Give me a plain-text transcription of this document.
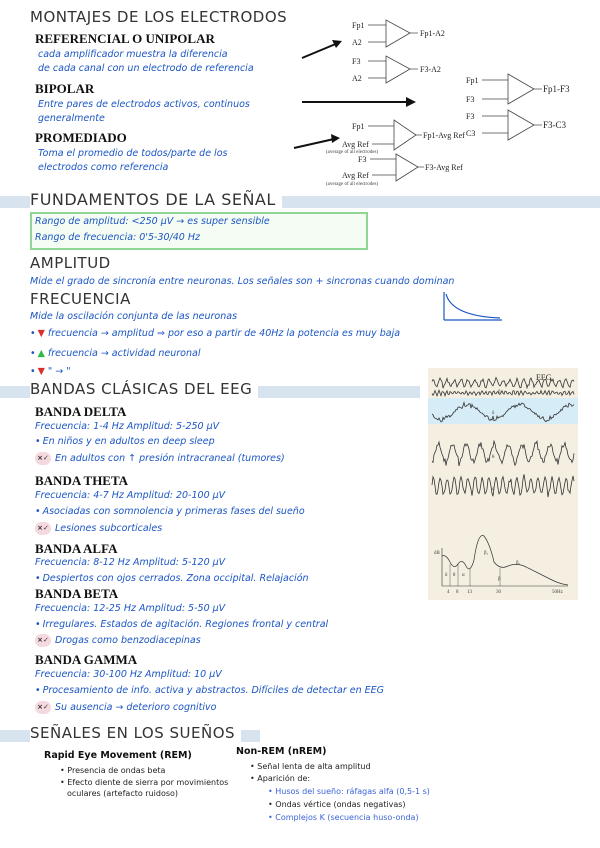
MONTAJES DE LOS ELECTRODOS
REFERENCIAL O UNIPOLAR
cada amplificador muestra la diferencia
de cada canal con un electrodo de referencia
BIPOLAR
Entre pares de electrodos activos, continuos
generalmente
PROMEDIADO
Toma el promedio de todos/parte de los
electrodos como referencia
Fp1
A2
Fp1-A2
F3
A2
F3-A2
Fp1
F3
Fp1-F3
F3
C3
F3-C3
Fp1
Avg Ref
(average of all electrodes)
Fp1-Avg Ref
F3
Avg Ref
(average of all electrodes)
F3-Avg Ref
FUNDAMENTOS DE LA SEÑAL
Rango de amplitud: <250 µV → es super sensible
Rango de frecuencia: 0'5-30/40 Hz
AMPLITUD
Mide el grado de sincronía entre neuronas. Los señales son + sincronas cuando dominan
FRECUENCIA
Mide la oscilación conjunta de las neuronas
• ▼ frecuencia → amplitud ⇒ por eso a partir de 40Hz la potencia es muy baja
• ▲ frecuencia → actividad neuronal
• ▼ " → "
BANDAS CLÁSICAS DEL EEG
BANDA DELTA
Frecuencia: 1-4 Hz Amplitud: 5-250 µV
• En niños y en adultos en deep sleep
×✓ En adultos con ↑ presión intracraneal (tumores)
BANDA THETA
Frecuencia: 4-7 Hz Amplitud: 20-100 µV
• Asociadas con somnolencia y primeras fases del sueño
×✓ Lesiones subcorticales
BANDA ALFA
Frecuencia: 8-12 Hz Amplitud: 5-120 µV
• Despiertos con ojos cerrados. Zona occipital. Relajación
BANDA BETA
Frecuencia: 12-25 Hz Amplitud: 5-50 µV
• Irregulares. Estados de agitación. Regiones frontal y central
×✓ Drogas como benzodiacepinas
BANDA GAMMA
Frecuencia: 30-100 Hz Amplitud: 10 µV
• Procesamiento de info. activa y abstractos. Difíciles de detectar en EEG
×✓ Su ausencia → deterioro cognitivo
EEG
β
δ
θ
α
dB
δ θ α
β₁
β₂
β
4 8 13	30	50Hz
SEÑALES EN LOS SUEÑOS
Rapid Eye Movement (REM)
• Presencia de ondas beta
• Efecto diente de sierra por movimientos
oculares (artefacto ruidoso)
Non-REM (nREM)
• Señal lenta de alta amplitud
• Aparición de:
• Husos del sueño: ráfagas alfa (0,5-1 s)
• Ondas vértice (ondas negativas)
• Complejos K (secuencia huso-onda)
